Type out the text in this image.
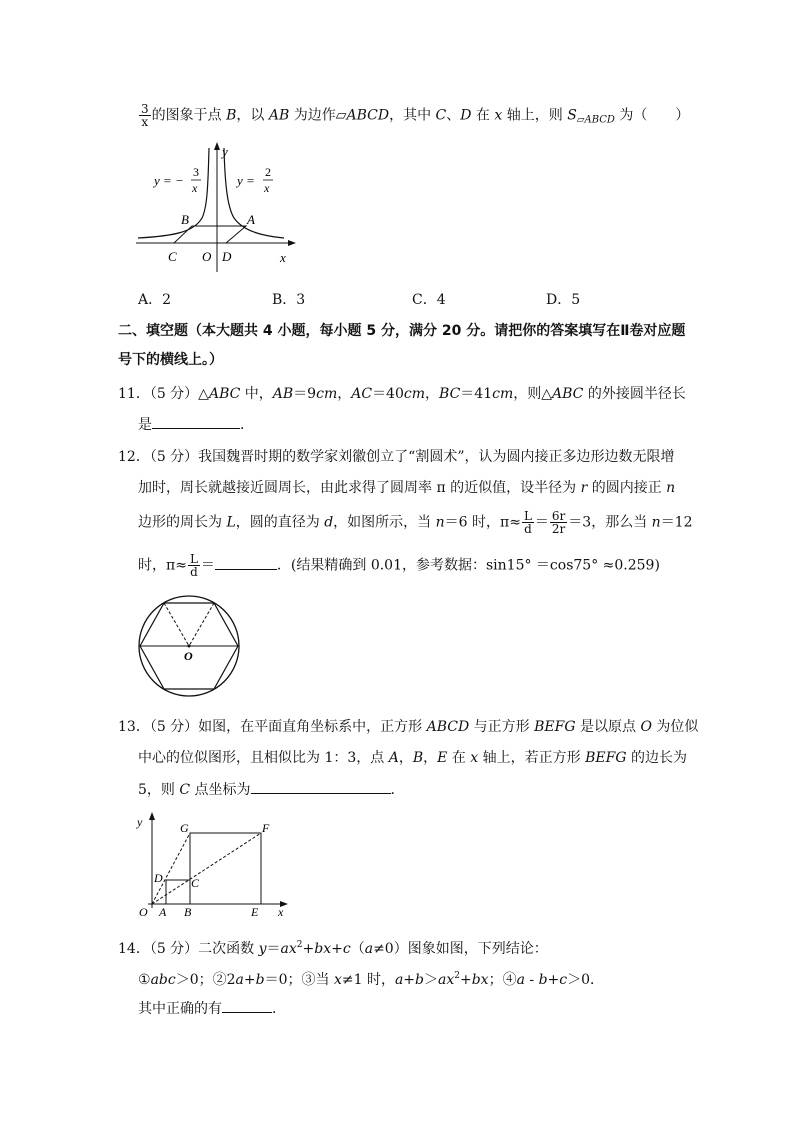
$\frac{3}{x}$ 的图象于点 B，以 AB 为边作▱ABCD，其中 C、D 在 x 轴上，则 $S_{▱ABCD}$ 为（　　）
y = −
3
x	y =
2
x
y
x
B	A
C O D
A．2	B．3	C．4	D．5
二、填空题（本大题共 4 小题，每小题 5 分，满分 20 分。请把你的答案填写在Ⅱ卷对应题
号下的横线上。）
11．（5 分）△ABC 中，AB＝9cm，AC＝40cm，BC＝41cm，则△ABC 的外接圆半径长
是	．
12．（5 分）我国魏晋时期的数学家刘徽创立了“割圆术”，认为圆内接正多边形边数无限增
加时，周长就越接近圆周长，由此求得了圆周率 π 的近似值，设半径为 r 的圆内接正 n
边形的周长为 L，圆的直径为 d，如图所示，当 n＝6 时，$\pi\approx \frac{L}{d} = \frac{6r}{2r} =3$，那么当 n＝12
时，$\pi\approx \frac{L}{d}$ ＝	．(结果精确到 0.01，参考数据：sin15° ＝cos75° ≈0.259)
O
13．（5 分）如图，在平面直角坐标系中，正方形 ABCD 与正方形 BEFG 是以原点 O 为位似
中心的位似图形，且相似比为 1：3，点 A，B，E 在 x 轴上，若正方形 BEFG 的边长为
5，则 C 点坐标为	．
y
x
G	F
D C
O A B	E
14．（5 分）二次函数 $y=ax^2+bx+c(a\ne 0)$图象如图，下列结论：
①abc＞0；②2a+b＝0；③当 x≠1 时，$a+b>ax^2+bx$；④a - b+c＞0．
其中正确的有	．
